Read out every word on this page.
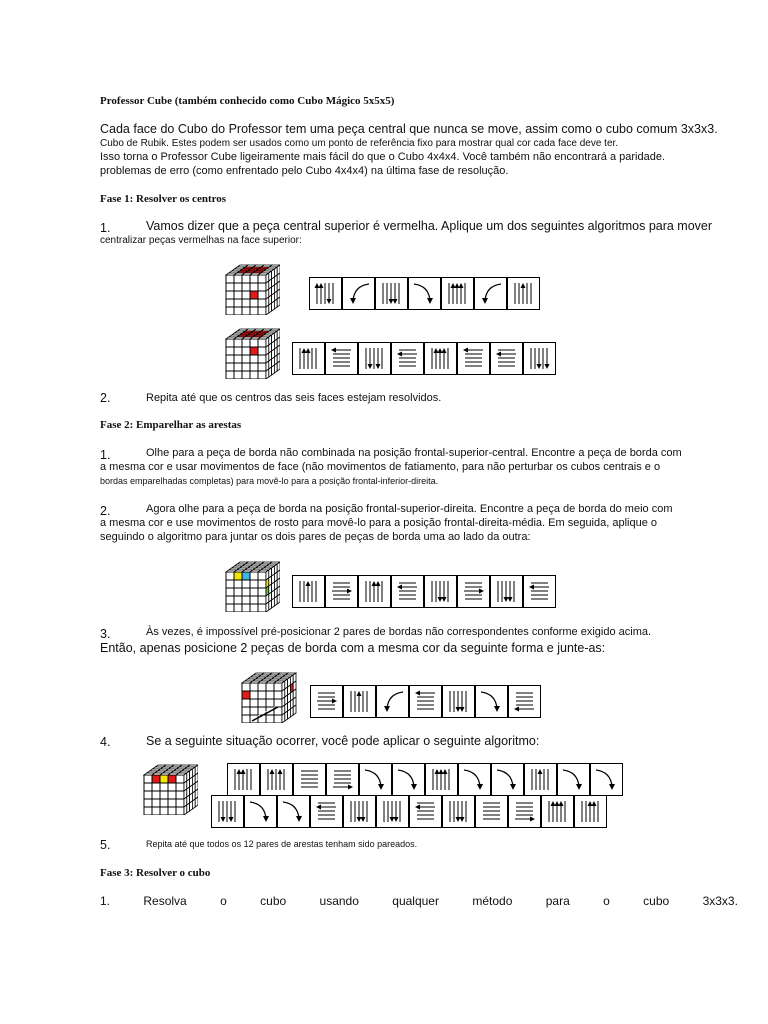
Professor Cube (também conhecido como Cubo Mágico 5x5x5)
Cada face do Cubo do Professor tem uma peça central que nunca se move, assim como o cubo comum 3x3x3.
Cubo de Rubik. Estes podem ser usados como um ponto de referência fixo para mostrar qual cor cada face deve ter.
Isso torna o Professor Cube ligeiramente mais fácil do que o Cubo 4x4x4. Você também não encontrará a paridade.
problemas de erro (como enfrentado pelo Cubo 4x4x4) na última fase de resolução.
Fase 1: Resolver os centros
1.	Vamos dizer que a peça central superior é vermelha. Aplique um dos seguintes algoritmos para mover
centralizar peças vermelhas na face superior:
2.	Repita até que os centros das seis faces estejam resolvidos.
Fase 2: Emparelhar as arestas
1.	Olhe para a peça de borda não combinada na posição frontal-superior-central. Encontre a peça de borda com
a mesma cor e usar movimentos de face (não movimentos de fatiamento, para não perturbar os cubos centrais e o
bordas emparelhadas completas) para movê-lo para a posição frontal-inferior-direita.
2.	Agora olhe para a peça de borda na posição frontal-superior-direita. Encontre a peça de borda do meio com
a mesma cor e use movimentos de rosto para movê-lo para a posição frontal-direita-média. Em seguida, aplique o
seguindo o algoritmo para juntar os dois pares de peças de borda uma ao lado da outra:
3.	Às vezes, é impossível pré-posicionar 2 pares de bordas não correspondentes conforme exigido acima.
Então, apenas posicione 2 peças de borda com a mesma cor da seguinte forma e junte-as:
4.	Se a seguinte situação ocorrer, você pode aplicar o seguinte algoritmo:
5.	Repita até que todos os 12 pares de arestas tenham sido pareados.
Fase 3: Resolver o cubo
1.	Resolva	o	cubo	usando	qualquer	método	para	o	cubo	3x3x3.
